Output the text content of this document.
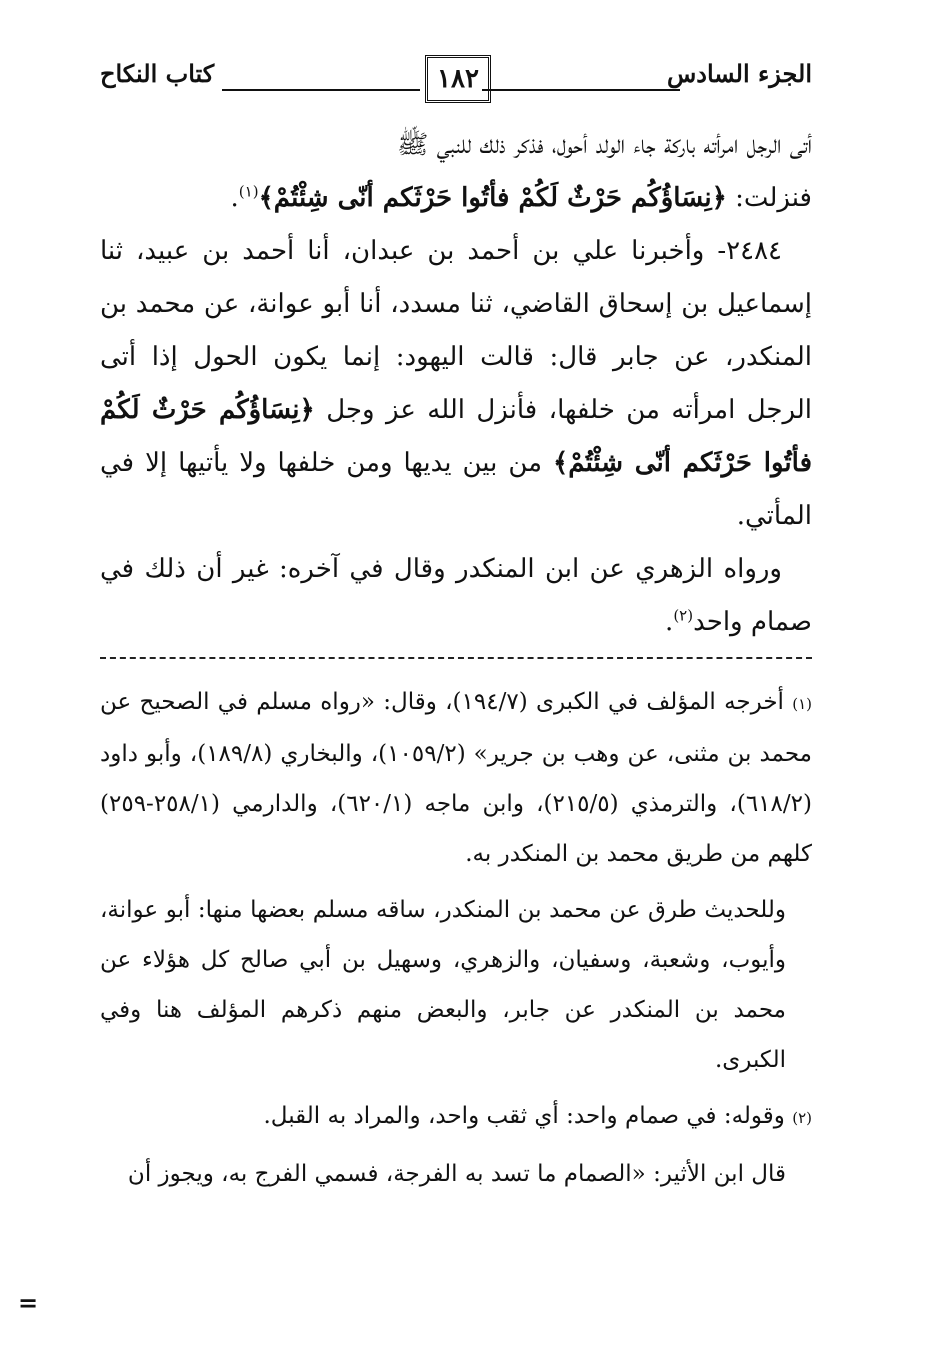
الجزء السادس
١٨٢
كتاب النكاح

أتى الرجل امرأته باركة جاء الولد أحول، فذكر ذلك للنبي ﷺ

فنزلت: ﴿نِسَاؤُكُم حَرْثٌ لَكُمْ فأتُوا حَرْثَكم أنّى شِئْتُمْ﴾$^{(١)}$.

٢٤٨٤- وأخبرنا علي بن أحمد بن عبدان، أنا أحمد بن عبيد، ثنا إسماعيل بن إسحاق القاضي، ثنا مسدد، أنا أبو عوانة، عن محمد بن المنكدر، عن جابر قال: قالت اليهود: إنما يكون الحول إذا أتى الرجل امرأته من خلفها، فأنزل الله عز وجل ﴿نِسَاؤُكُم حَرْثٌ لَكُمْ فأتُوا حَرْثَكم أنّى شِئْتُمْ﴾ من بين يديها ومن خلفها ولا يأتيها إلا في المأتي.

ورواه الزهري عن ابن المنكدر وقال في آخره: غير أن ذلك في صمام واحد$^{(٢)}$.

(١) أخرجه المؤلف في الكبرى (١٩٤/٧)، وقال: «رواه مسلم في الصحيح عن محمد بن مثنى، عن وهب بن جرير» (١٠٥٩/٢)، والبخاري (١٨٩/٨)، وأبو داود (٦١٨/٢)، والترمذي (٢١٥/٥)، وابن ماجه (٦٢٠/١)، والدارمي (٢٥٨/١-٢٥٩) كلهم من طريق محمد بن المنكدر به.

وللحديث طرق عن محمد بن المنكدر، ساقه مسلم بعضها منها: أبو عوانة، وأيوب، وشعبة، وسفيان، والزهري، وسهيل بن أبي صالح كل هؤلاء عن محمد بن المنكدر عن جابر، والبعض منهم ذكرهم المؤلف هنا وفي الكبرى.

(٢) وقوله: في صمام واحد: أي ثقب واحد، والمراد به القبل.

قال ابن الأثير: «الصمام ما تسد به الفرجة، فسمي الفرج به، ويجوز أن

=
